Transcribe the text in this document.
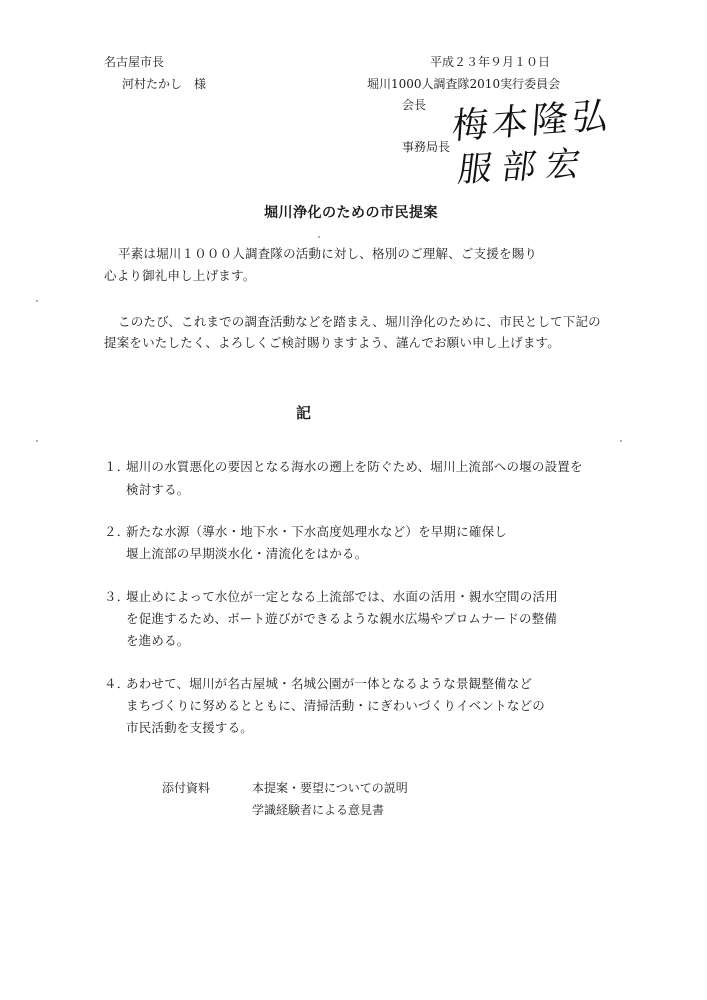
名古屋市長
河村たかし　様
平成２３年９月１０日
堀川1000人調査隊2010実行委員会
会長
事務局長 梅本隆弘
服部宏
堀川浄化のための市民提案
平素は堀川１０００人調査隊の活動に対し、格別のご理解、ご支援を賜り
心より御礼申し上げます。
このたび、これまでの調査活動などを踏まえ、堀川浄化のために、市民として下記の
提案をいたしたく、よろしくご検討賜りますよう、謹んでお願い申し上げます。
記
１．堀川の水質悪化の要因となる海水の遡上を防ぐため、堀川上流部への堰の設置を
検討する。
２．新たな水源（導水・地下水・下水高度処理水など）を早期に確保し
堰上流部の早期淡水化・清流化をはかる。
３．堰止めによって水位が一定となる上流部では、水面の活用・親水空間の活用
を促進するため、ボート遊びができるような親水広場やプロムナードの整備
を進める。
４．あわせて、堀川が名古屋城・名城公園が一体となるような景観整備など
まちづくりに努めるとともに、清掃活動・にぎわいづくりイベントなどの
市民活動を支援する。
添付資料	本提案・要望についての説明
学識経験者による意見書
